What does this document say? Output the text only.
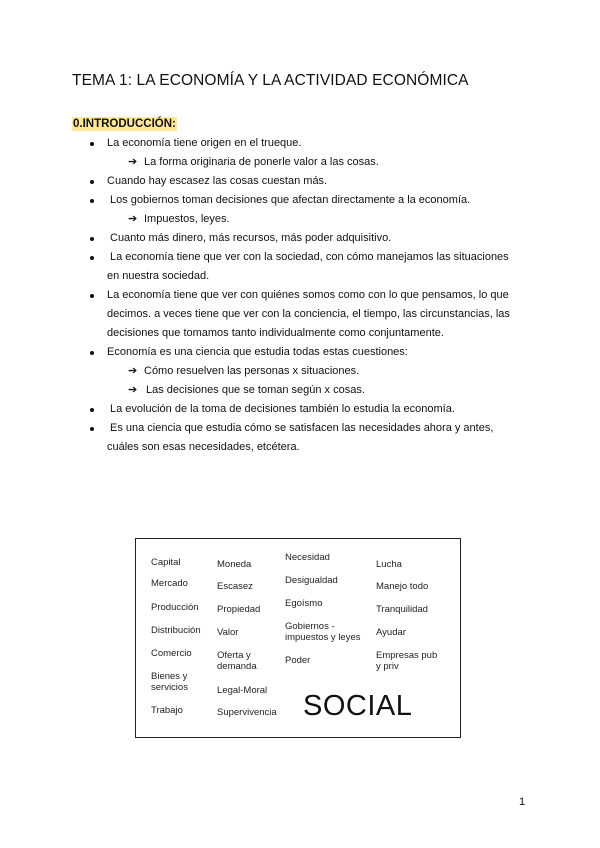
TEMA 1: LA ECONOMÍA Y LA ACTIVIDAD ECONÓMICA
0.INTRODUCCIÓN:
La economía tiene origen en el trueque.
➔ La forma originaria de ponerle valor a las cosas.
Cuando hay escasez las cosas cuestan más.
Los gobiernos toman decisiones que afectan directamente a la economía.
➔ Impuestos, leyes.
Cuanto más dinero, más recursos, más poder adquisitivo.
La economía tiene que ver con la sociedad, con cómo manejamos las situaciones
en nuestra sociedad.
La economía tiene que ver con quiénes somos como con lo que pensamos, lo que
decimos. a veces tiene que ver con la conciencia, el tiempo, las circunstancias, las
decisiones que tomamos tanto individualmente como conjuntamente.
Economía es una ciencia que estudia todas estas cuestiones:
➔ Cómo resuelven las personas x situaciones.
➔ Las decisiones que se toman según x cosas.
La evolución de la toma de decisiones también lo estudia la economía.
Es una ciencia que estudia cómo se satisfacen las necesidades ahora y antes,
cuáles son esas necesidades, etcétera.
Capital
Mercado
Producción
Distribución
Comercio
Bienes y
servicios
Trabajo
Moneda
Escasez
Propiedad
Valor
Oferta y
demanda
Legal-Moral
Supervivencia
Necesidad
Desigualdad
Egoísmo
Gobiernos -
impuestos y leyes
Poder
Lucha
Manejo todo
Tranquilidad
Ayudar
Empresas pub
y priv
SOCIAL
1
